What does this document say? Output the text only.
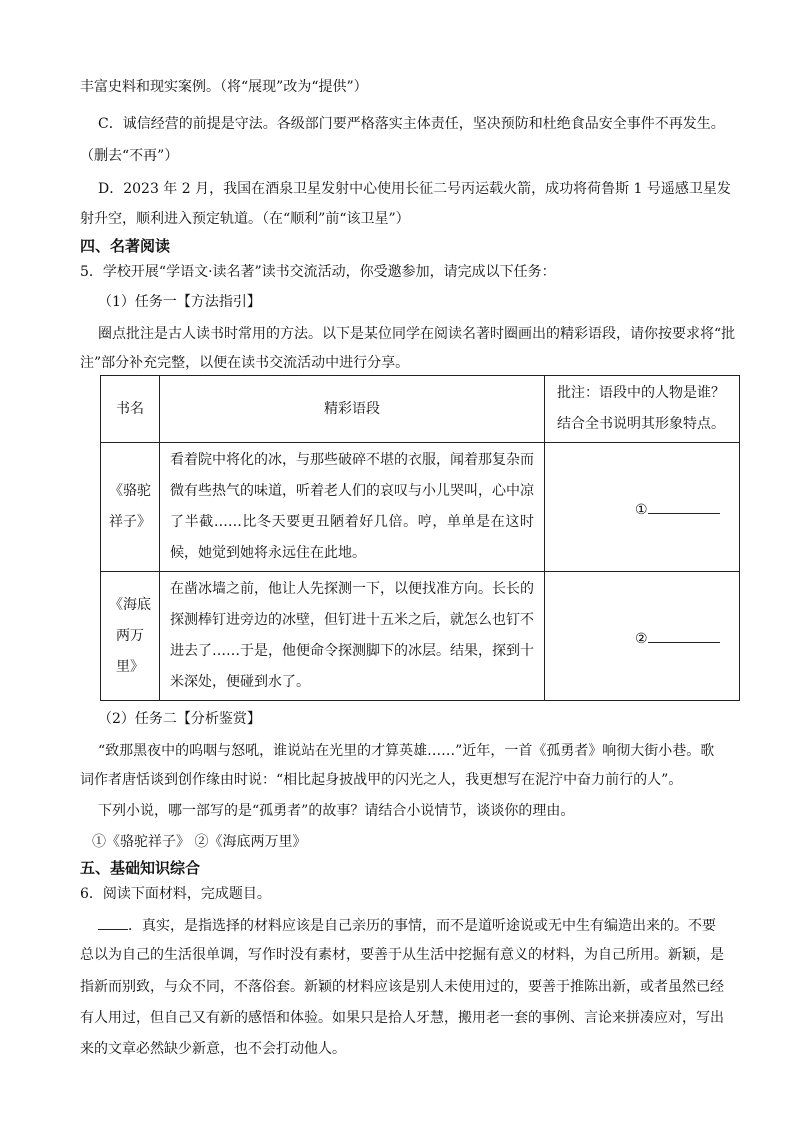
丰富史料和现实案例。（将“展现”改为“提供”）
C．诚信经营的前提是守法。各级部门要严格落实主体责任，坚决预防和杜绝食品安全事件不再发生。
（删去“不再”）
D．2023 年 2 月，我国在酒泉卫星发射中心使用长征二号丙运载火箭，成功将荷鲁斯 1 号遥感卫星发
射升空，顺利进入预定轨道。（在“顺利”前“该卫星”）
四、名著阅读
5．学校开展“学语文·读名著”读书交流活动，你受邀参加，请完成以下任务：
（1）任务一【方法指引】
圈点批注是古人读书时常用的方法。以下是某位同学在阅读名著时圈画出的精彩语段，请你按要求将“批
注”部分补充完整，以便在读书交流活动中进行分享。
书名	精彩语段	批注：语段中的人物是谁？
结合全书说明其形象特点。

《骆驼
祥子》	看着院中将化的冰，与那些破碎不堪的衣服，闻着那复杂而微有些热气的味道，听着老人们的哀叹与小儿哭叫，心中凉了半截……比冬天要更丑陋着好几倍。哼，单单是在这时候，她觉到她将永远住在此地。	①

《海底
两万
里》	在凿冰墙之前，他让人先探测一下，以便找准方向。长长的探测棒钉进旁边的冰壁，但钉进十五米之后，就怎么也钉不进去了……于是，他便命令探测脚下的冰层。结果，探到十米深处，便碰到水了。	②
（2）任务二【分析鉴赏】
“致那黑夜中的呜咽与怒吼，谁说站在光里的才算英雄……”近年，一首《孤勇者》响彻大街小巷。歌
词作者唐恬谈到创作缘由时说：“相比起身披战甲的闪光之人，我更想写在泥泞中奋力前行的人”。
下列小说，哪一部写的是“孤勇者”的故事？请结合小说情节，谈谈你的理由。
①《骆驼祥子》 ②《海底两万里》
五、基础知识综合
6．阅读下面材料，完成题目。
．真实，是指选择的材料应该是自己亲历的事情，而不是道听途说或无中生有编造出来的。不要
总以为自己的生活很单调，写作时没有素材，要善于从生活中挖掘有意义的材料，为自己所用。新颖，是
指新而别致，与众不同，不落俗套。新颖的材料应该是别人未使用过的，要善于推陈出新，或者虽然已经
有人用过，但自己又有新的感悟和体验。如果只是拾人牙慧，搬用老一套的事例、言论来拼凑应对，写出
来的文章必然缺少新意，也不会打动他人。
